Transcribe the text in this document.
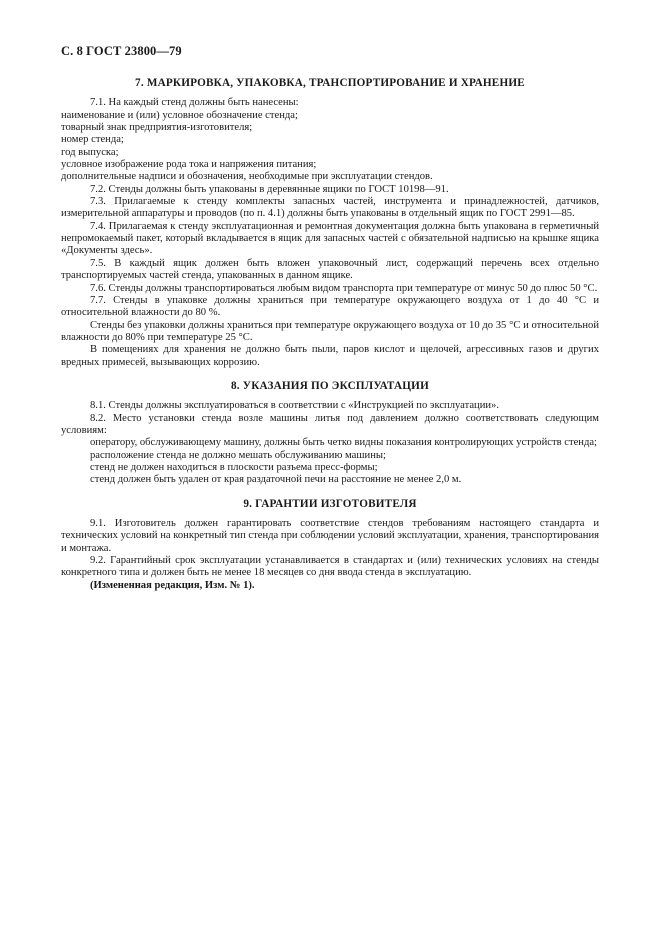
С. 8 ГОСТ 23800—79
7. МАРКИРОВКА, УПАКОВКА, ТРАНСПОРТИРОВАНИЕ И ХРАНЕНИЕ

7.1. На каждый стенд должны быть нанесены:

наименование и (или) условное обозначение стенда;

товарный знак предприятия-изготовителя;

номер стенда;

год выпуска;

условное изображение рода тока и напряжения питания;

дополнительные надписи и обозначения, необходимые при эксплуатации стендов.

7.2. Стенды должны быть упакованы в деревянные ящики по ГОСТ 10198—91.

7.3. Прилагаемые к стенду комплекты запасных частей, инструмента и принадлежностей, датчиков, измерительной аппаратуры и проводов (по п. 4.1) должны быть упакованы в отдельный ящик по ГОСТ 2991—85.

7.4. Прилагаемая к стенду эксплуатационная и ремонтная документация должна быть упакована в герметичный непромокаемый пакет, который вкладывается в ящик для запасных частей с обязательной надписью на крышке ящика «Документы здесь».

7.5. В каждый ящик должен быть вложен упаковочный лист, содержащий перечень всех отдельно транспортируемых частей стенда, упакованных в данном ящике.

7.6. Стенды должны транспортироваться любым видом транспорта при температуре от минус 50 до плюс 50 °С.

7.7. Стенды в упаковке должны храниться при температуре окружающего воздуха от 1 до 40 °С и относительной влажности до 80 %.

Стенды без упаковки должны храниться при температуре окружающего воздуха от 10 до 35 °С и относительной влажности до 80% при температуре 25 °С.

В помещениях для хранения не должно быть пыли, паров кислот и щелочей, агрессивных газов и других вредных примесей, вызывающих коррозию.

8. УКАЗАНИЯ ПО ЭКСПЛУАТАЦИИ

8.1. Стенды должны эксплуатироваться в соответствии с «Инструкцией по эксплуатации».

8.2. Место установки стенда возле машины литья под давлением должно соответствовать следующим условиям:

оператору, обслуживающему машину, должны быть четко видны показания контролирующих устройств стенда;

расположение стенда не должно мешать обслуживанию машины;

стенд не должен находиться в плоскости разъема пресс-формы;

стенд должен быть удален от края раздаточной печи на расстояние не менее 2,0 м.

9. ГАРАНТИИ ИЗГОТОВИТЕЛЯ

9.1. Изготовитель должен гарантировать соответствие стендов требованиям настоящего стандарта и технических условий на конкретный тип стенда при соблюдении условий эксплуатации, хранения, транспортирования и монтажа.

9.2. Гарантийный срок эксплуатации устанавливается в стандартах и (или) технических условиях на стенды конкретного типа и должен быть не менее 18 месяцев со дня ввода стенда в эксплуатацию.

(Измененная редакция, Изм. № 1).
